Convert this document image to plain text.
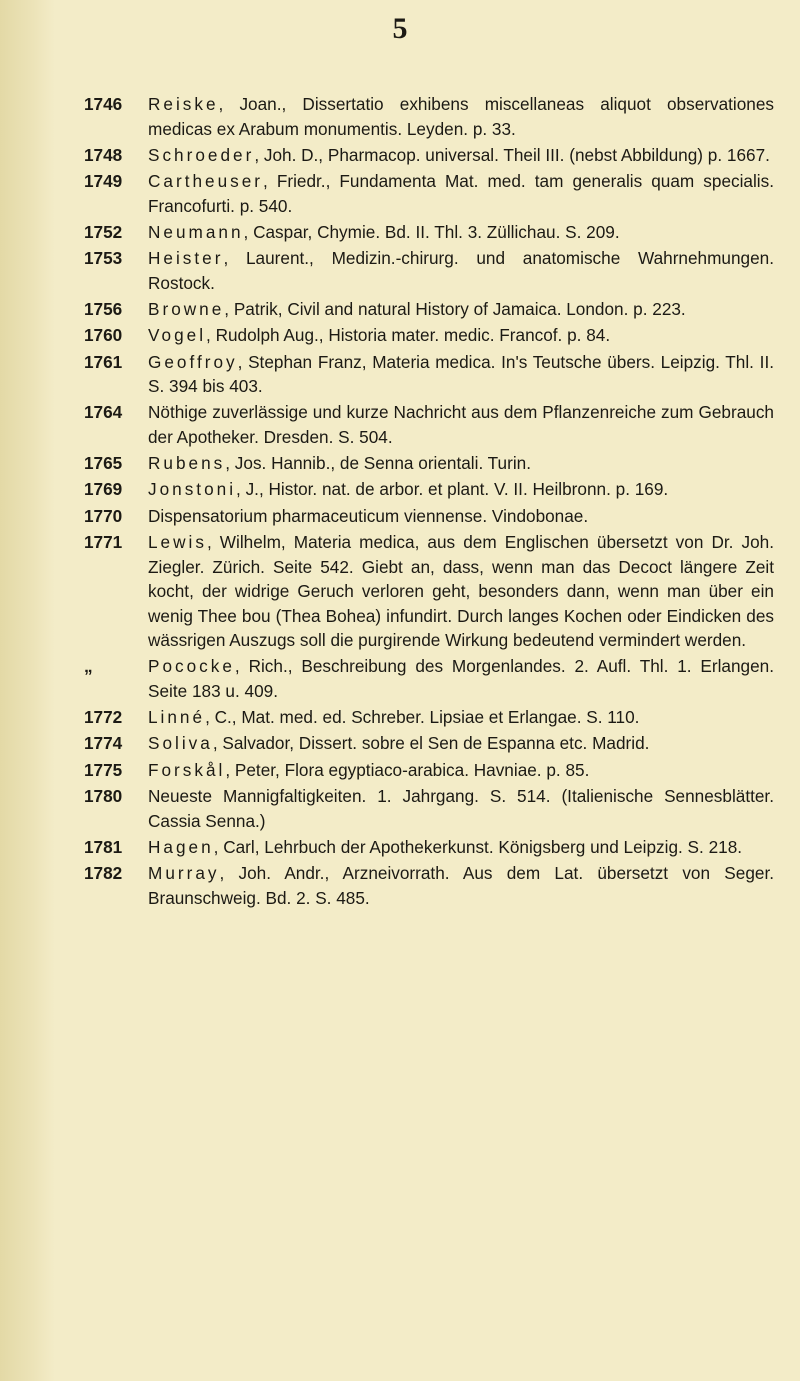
5
1746	Reiske, Joan., Dissertatio exhibens miscellaneas aliquot observationes medicas ex Arabum monumentis. Leyden. p. 33.
1748	Schroeder, Joh. D., Pharmacop. universal. Theil III. (nebst Abbildung) p. 1667.
1749	Cartheuser, Friedr., Fundamenta Mat. med. tam generalis quam specialis. Francofurti. p. 540.
1752	Neumann, Caspar, Chymie. Bd. II. Thl. 3. Züllichau. S. 209.
1753	Heister, Laurent., Medizin.-chirurg. und anatomische Wahrnehmungen. Rostock.
1756	Browne, Patrik, Civil and natural History of Jamaica. London. p. 223.
1760	Vogel, Rudolph Aug., Historia mater. medic. Francof. p. 84.
1761	Geoffroy, Stephan Franz, Materia medica. In's Teutsche übers. Leipzig. Thl. II. S. 394 bis 403.
1764	Nöthige zuverlässige und kurze Nachricht aus dem Pflanzenreiche zum Gebrauch der Apotheker. Dresden. S. 504.
1765	Rubens, Jos. Hannib., de Senna orientali. Turin.
1769	Jonstoni, J., Histor. nat. de arbor. et plant. V. II. Heilbronn. p. 169.
1770	Dispensatorium pharmaceuticum viennense. Vindobonae.
1771	Lewis, Wilhelm, Materia medica, aus dem Englischen übersetzt von Dr. Joh. Ziegler. Zürich. Seite 542. Giebt an, dass, wenn man das Decoct längere Zeit kocht, der widrige Geruch verloren geht, besonders dann, wenn man über ein wenig Thee bou (Thea Bohea) infundirt. Durch langes Kochen oder Eindicken des wässrigen Auszugs soll die purgirende Wirkung bedeutend vermindert werden.
„	Pococke, Rich., Beschreibung des Morgenlandes. 2. Aufl. Thl. 1. Erlangen. Seite 183 u. 409.
1772	Linné, C., Mat. med. ed. Schreber. Lipsiae et Erlangae. S. 110.
1774	Soliva, Salvador, Dissert. sobre el Sen de Espanna etc. Madrid.
1775	Forskål, Peter, Flora egyptiaco-arabica. Havniae. p. 85.
1780	Neueste Mannigfaltigkeiten. 1. Jahrgang. S. 514. (Italienische Sennesblätter. Cassia Senna.)
1781	Hagen, Carl, Lehrbuch der Apothekerkunst. Königsberg und Leipzig. S. 218.
1782	Murray, Joh. Andr., Arzneivorrath. Aus dem Lat. übersetzt von Seger. Braunschweig. Bd. 2. S. 485.
